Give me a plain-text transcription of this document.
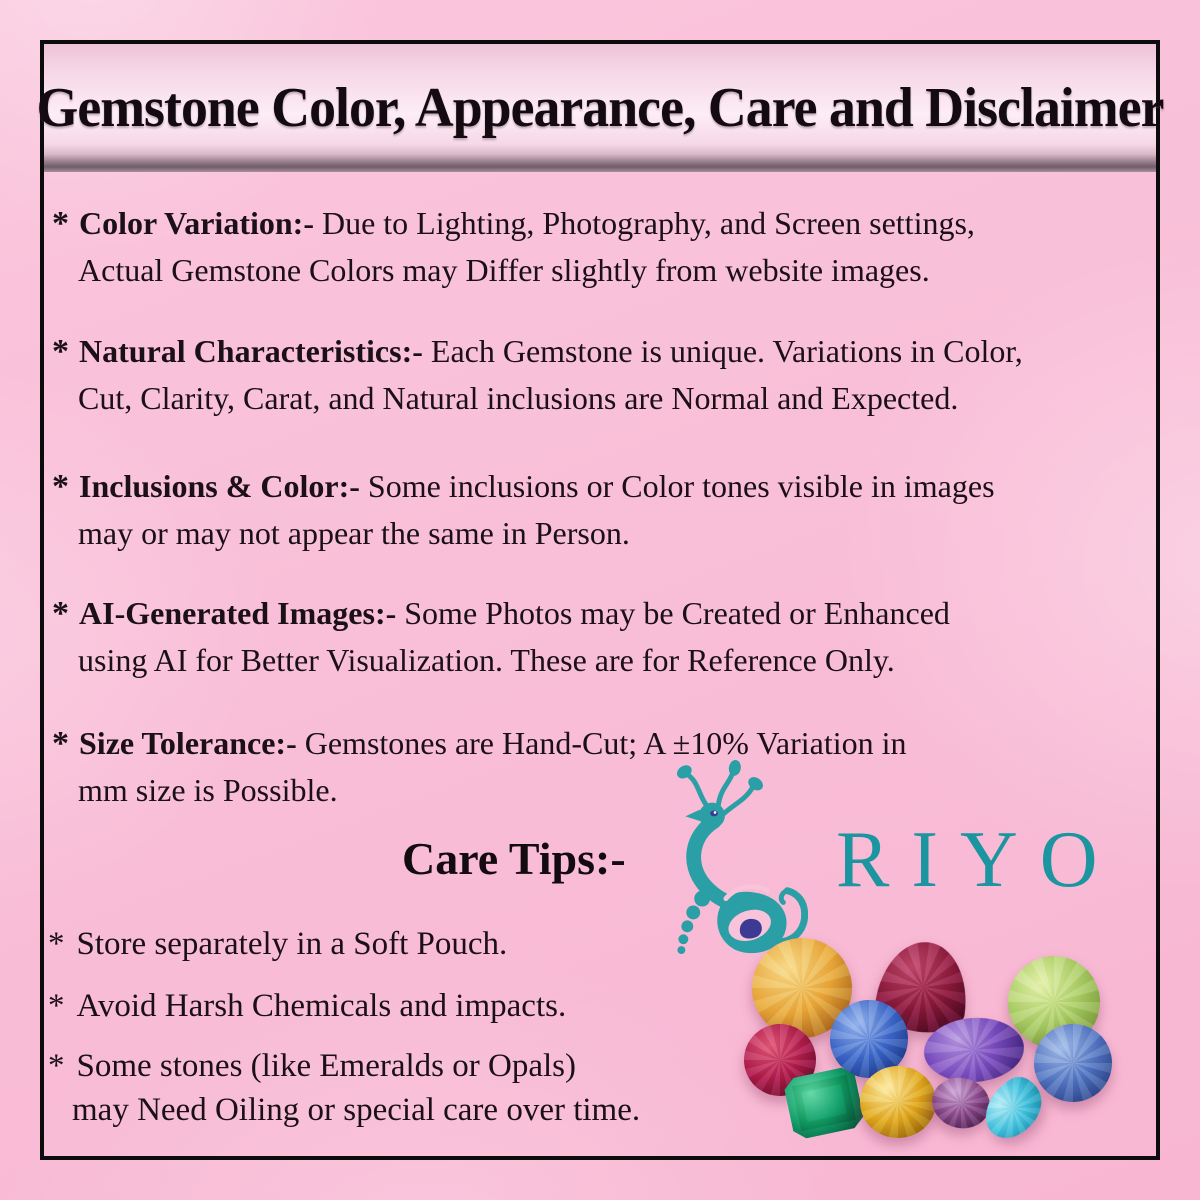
Gemstone Color, Appearance, Care and Disclaimer
* Color Variation:- Due to Lighting, Photography, and Screen settings,
Actual Gemstone Colors may Differ slightly from website images.
* Natural Characteristics:- Each Gemstone is unique. Variations in Color,
Cut, Clarity, Carat, and Natural inclusions are Normal and Expected.
* Inclusions & Color:- Some inclusions or Color tones visible in images
may or may not appear the same in Person.
* AI-Generated Images:- Some Photos may be Created or Enhanced
using AI for Better Visualization. These are for Reference Only.
* Size Tolerance:- Gemstones are Hand-Cut; A ±10% Variation in
mm size is Possible.
Care Tips:-	RIYO
* Store separately in a Soft Pouch.
* Avoid Harsh Chemicals and impacts.
* Some stones (like Emeralds or Opals)
may Need Oiling or special care over time.
